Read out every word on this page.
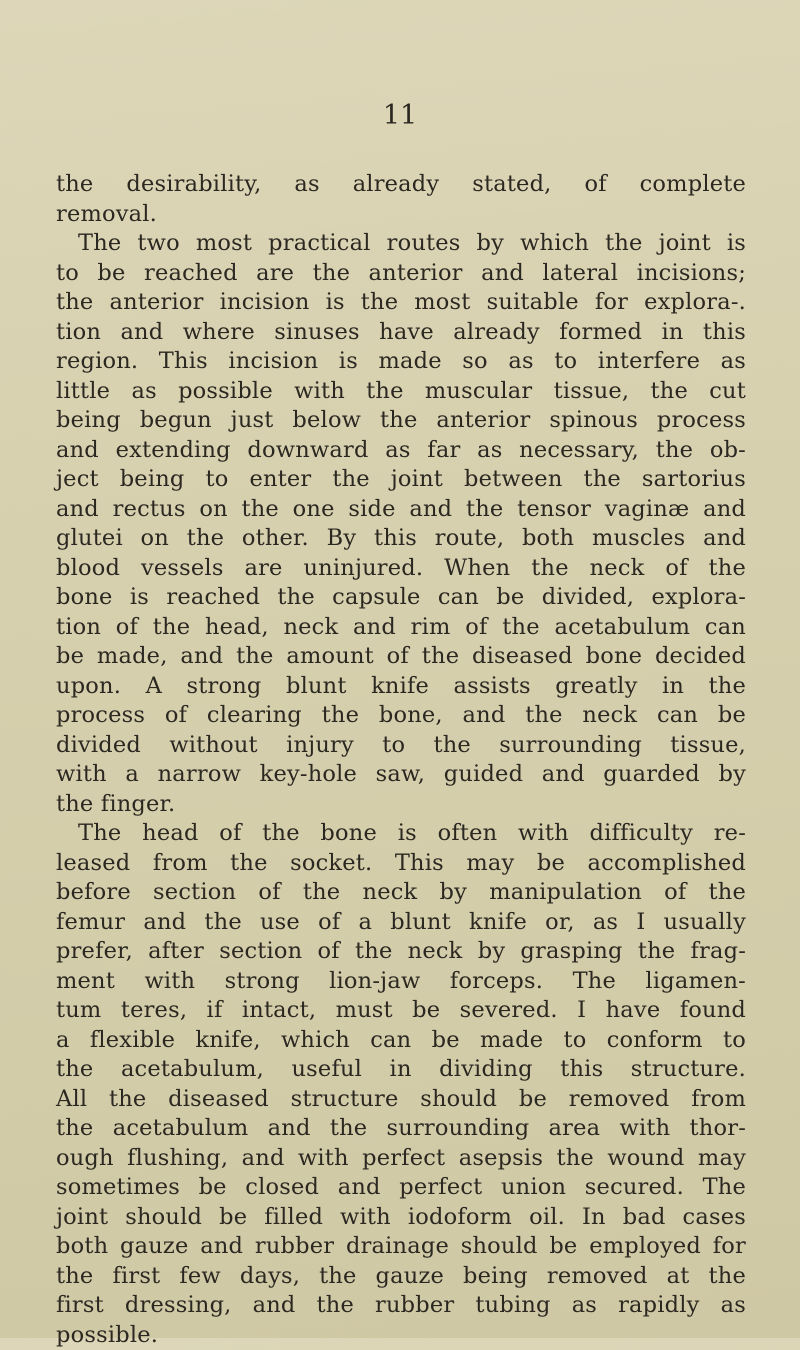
11
the desirability, as already stated, of complete
removal.
The two most practical routes by which the joint is
to be reached are the anterior and lateral incisions;
the anterior incision is the most suitable for explora-.
tion and where sinuses have already formed in this
region. This incision is made so as to interfere as
little as possible with the muscular tissue, the cut
being begun just below the anterior spinous process
and extending downward as far as necessary, the ob-
ject being to enter the joint between the sartorius
and rectus on the one side and the tensor vaginæ and
glutei on the other. By this route, both muscles and
blood vessels are uninjured. When the neck of the
bone is reached the capsule can be divided, explora-
tion of the head, neck and rim of the acetabulum can
be made, and the amount of the diseased bone decided
upon. A strong blunt knife assists greatly in the
process of clearing the bone, and the neck can be
divided without injury to the surrounding tissue,
with a narrow key-hole saw, guided and guarded by
the finger.
The head of the bone is often with difficulty re-
leased from the socket. This may be accomplished
before section of the neck by manipulation of the
femur and the use of a blunt knife or, as I usually
prefer, after section of the neck by grasping the frag-
ment with strong lion-jaw forceps. The ligamen-
tum teres, if intact, must be severed. I have found
a flexible knife, which can be made to conform to
the acetabulum, useful in dividing this structure.
All the diseased structure should be removed from
the acetabulum and the surrounding area with thor-
ough flushing, and with perfect asepsis the wound may
sometimes be closed and perfect union secured. The
joint should be filled with iodoform oil. In bad cases
both gauze and rubber drainage should be employed for
the first few days, the gauze being removed at the
first dressing, and the rubber tubing as rapidly as
possible.
